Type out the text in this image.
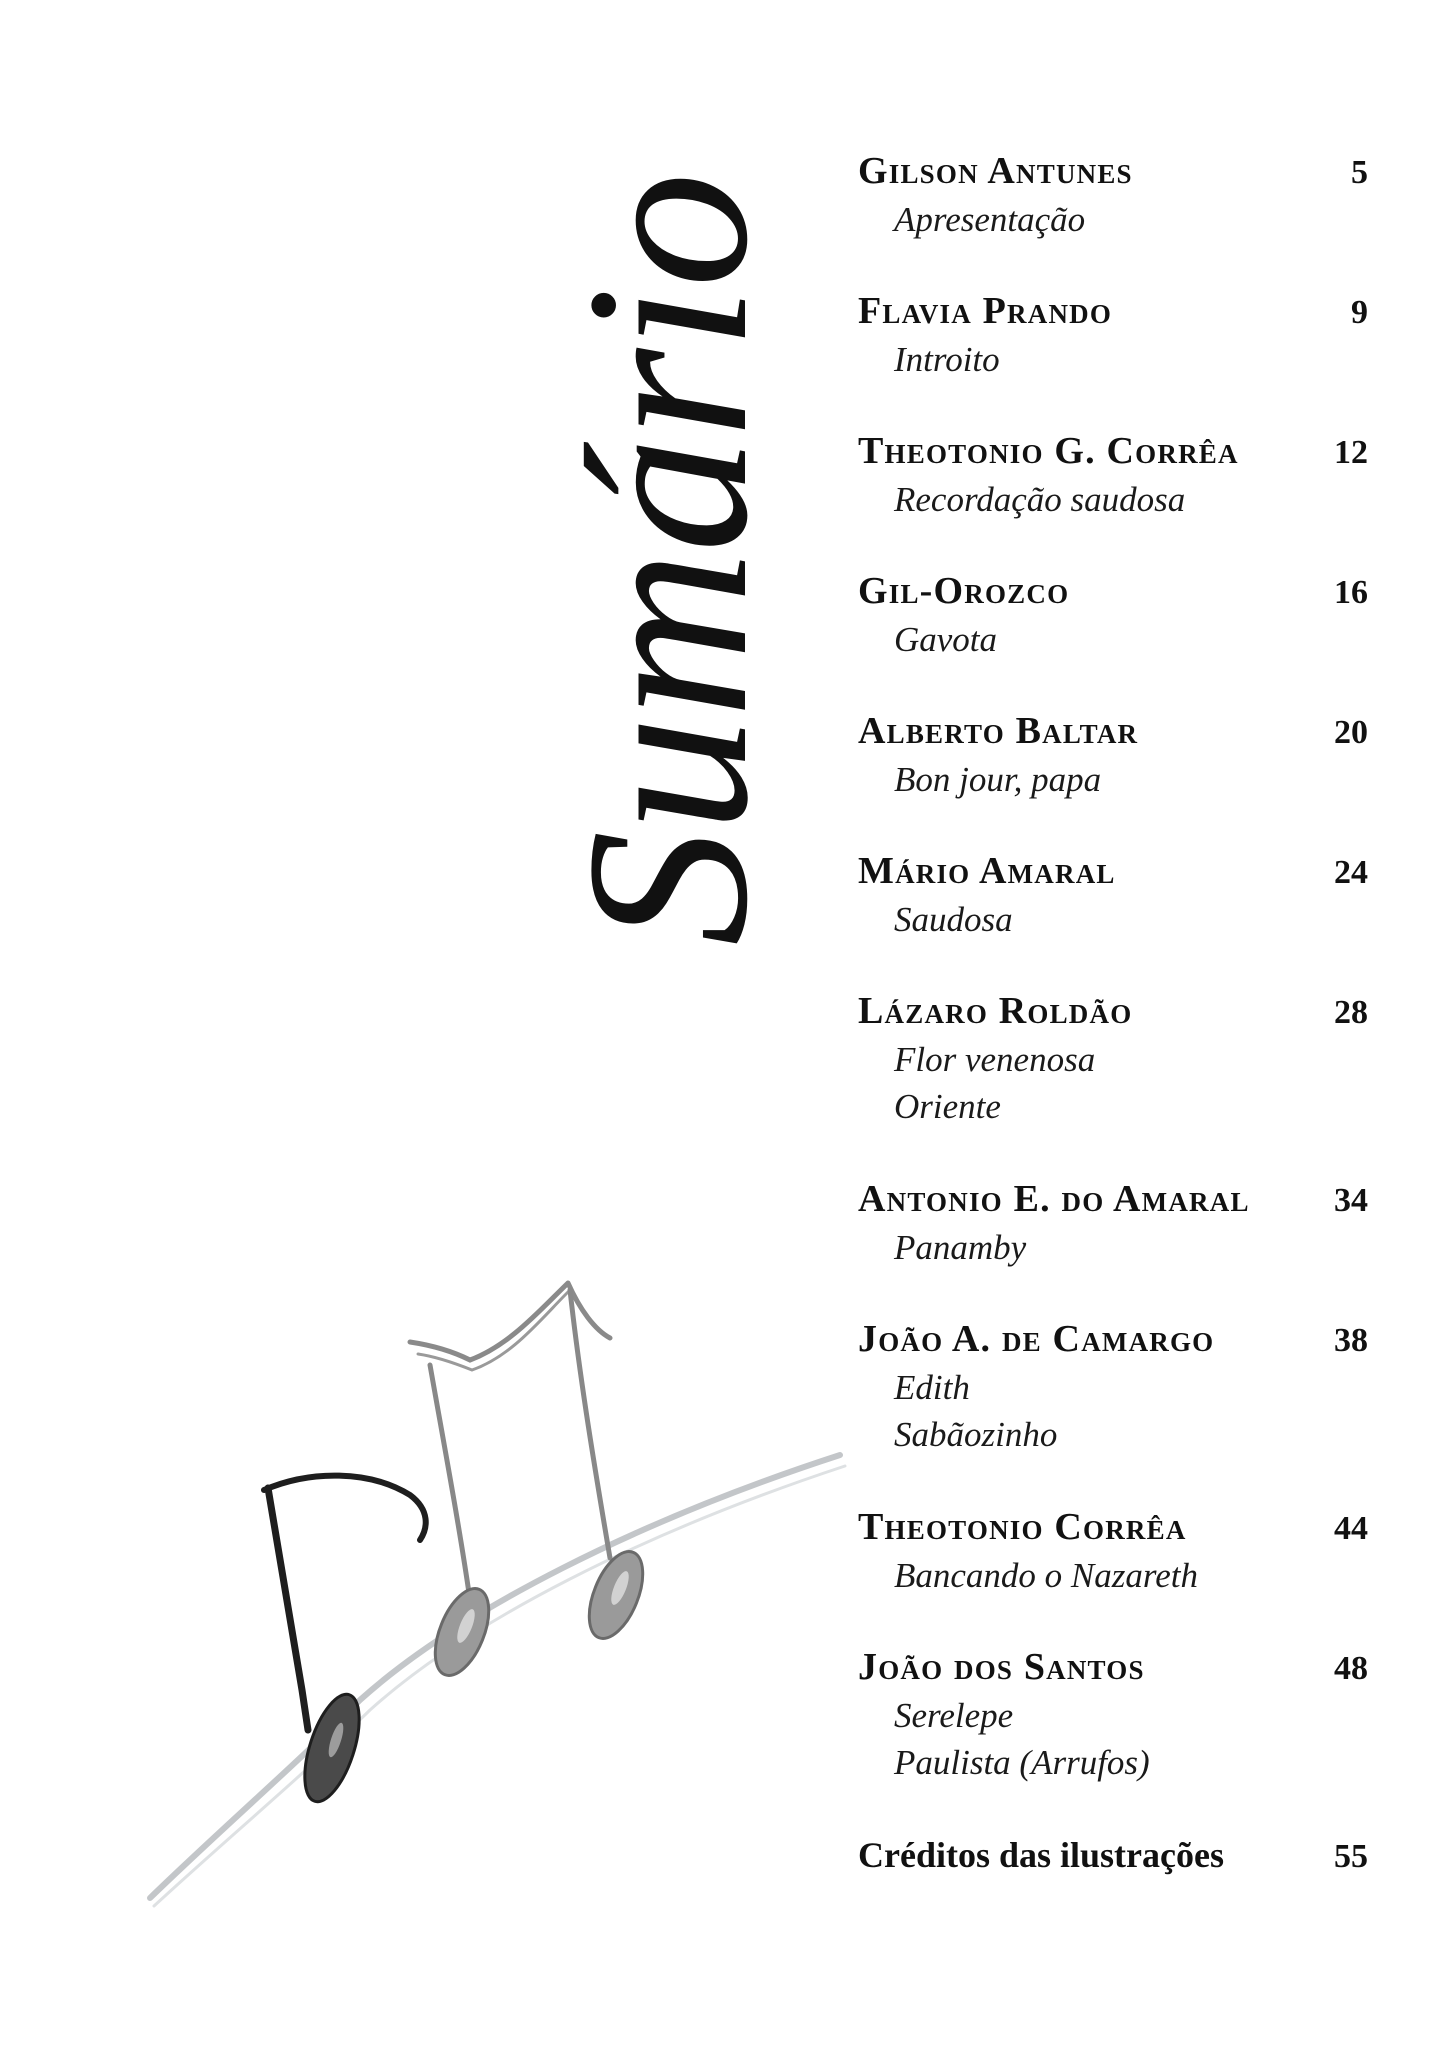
Sumário
Gilson Antunes	5
Apresentação
Flavia Prando	9
Introito
Theotonio G. Corrêa	12
Recordação saudosa
Gil-Orozco	16
Gavota
Alberto Baltar	20
Bon jour, papa
Mário Amaral	24
Saudosa
Lázaro Roldão	28
Flor venenosa
Oriente
Antonio E. do Amaral 34
Panamby
João A. de Camargo	38
Edith
Sabãozinho
Theotonio Corrêa	44
Bancando o Nazareth
João dos Santos	48
Serelepe
Paulista (Arrufos)
Créditos das ilustrações	55
